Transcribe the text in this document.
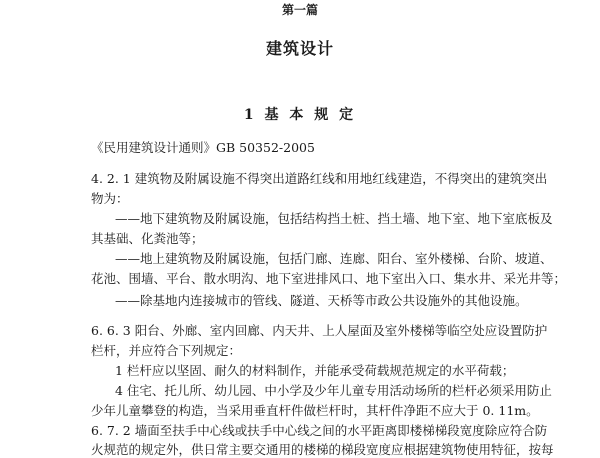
第一篇
建筑设计
1 基 本 规 定
《民用建筑设计通则》GB 50352-2005
4. 2. 1 建筑物及附属设施不得突出道路红线和用地红线建造，不得突出的建筑突出
物为：
——地下建筑物及附属设施，包括结构挡土桩、挡土墙、地下室、地下室底板及
其基础、化粪池等；
——地上建筑物及附属设施，包括门廊、连廊、阳台、室外楼梯、台阶、坡道、
花池、围墙、平台、散水明沟、地下室进排风口、地下室出入口、集水井、采光井等；
——除基地内连接城市的管线、隧道、天桥等市政公共设施外的其他设施。
6. 6. 3 阳台、外廊、室内回廊、内天井、上人屋面及室外楼梯等临空处应设置防护
栏杆，并应符合下列规定：
1 栏杆应以坚固、耐久的材料制作，并能承受荷载规范规定的水平荷载；
4 住宅、托儿所、幼儿园、中小学及少年儿童专用活动场所的栏杆必须采用防止
少年儿童攀登的构造，当采用垂直杆件做栏杆时，其杆件净距不应大于 0. 11m。
6. 7. 2 墙面至扶手中心线或扶手中心线之间的水平距离即楼梯梯段宽度除应符合防
火规范的规定外，供日常主要交通用的楼梯的梯段宽度应根据建筑物使用特征，按每
